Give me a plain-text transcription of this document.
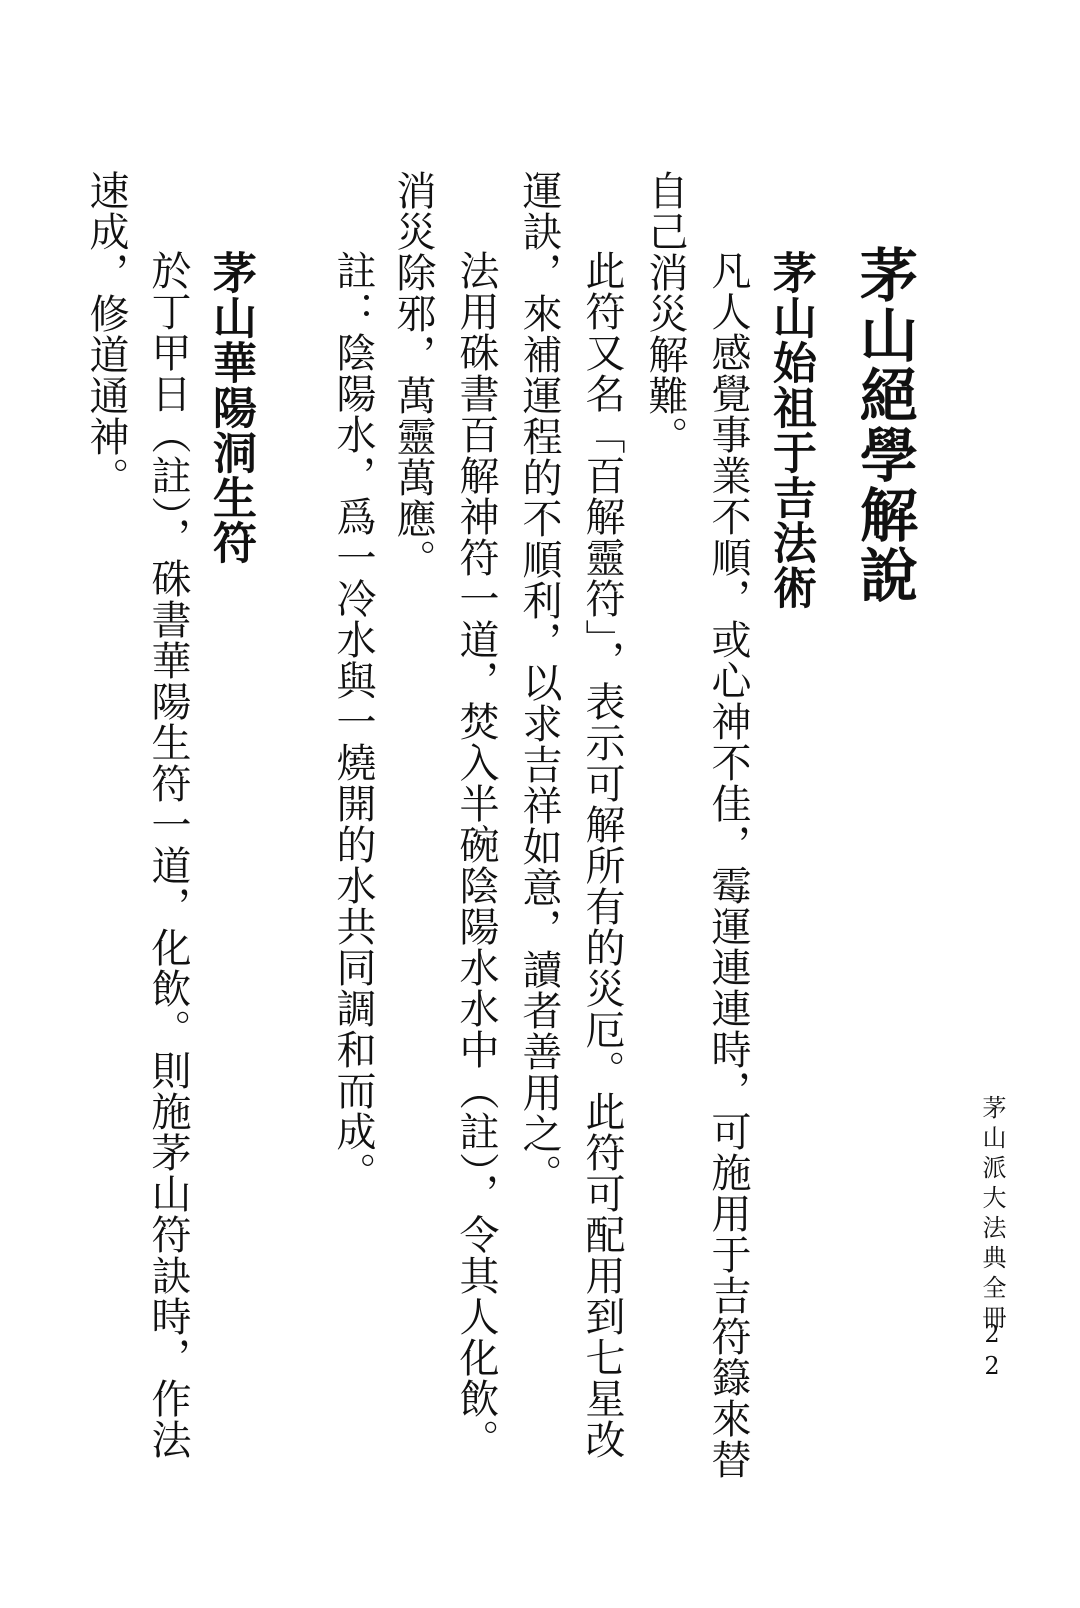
茅山絕學解說
茅山始祖于吉法術
凡人感覺事業不順，或心神不佳，霉運連連時，可施用于吉符籙來替
自己消災解難。
此符又名「百解靈符」，表示可解所有的災厄。此符可配用到七星改
運訣，來補運程的不順利，以求吉祥如意，讀者善用之。
法用硃書百解神符一道，焚入半碗陰陽水水中（註），令其人化飲。
消災除邪，萬靈萬應。
註：陰陽水，爲一冷水與一燒開的水共同調和而成。
茅山華陽洞生符
於丁甲日（註），硃書華陽生符一道，化飲。則施茅山符訣時，作法
速成，修道通神。
茅山派大法典全冊
22
